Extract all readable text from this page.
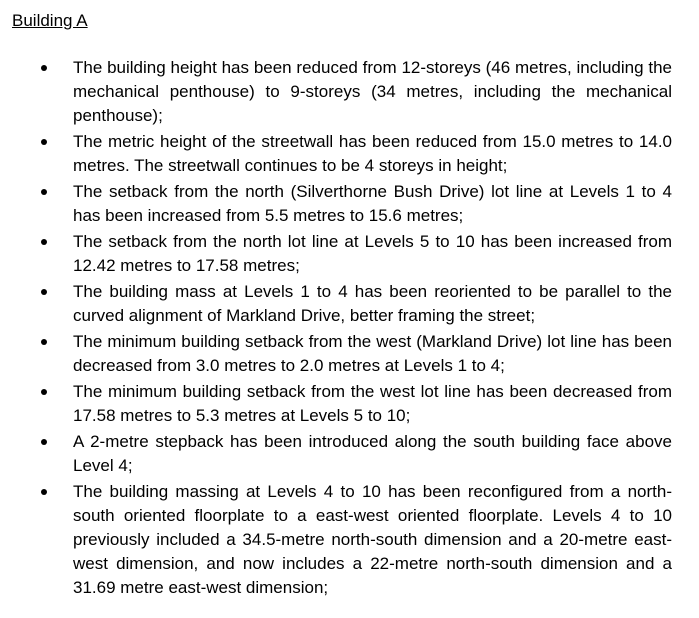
Building A
The building height has been reduced from 12-storeys (46 metres, including the mechanical penthouse) to 9-storeys (34 metres, including the mechanical penthouse);
The metric height of the streetwall has been reduced from 15.0 metres to 14.0 metres. The streetwall continues to be 4 storeys in height;
The setback from the north (Silverthorne Bush Drive) lot line at Levels 1 to 4 has been increased from 5.5 metres to 15.6 metres;
The setback from the north lot line at Levels 5 to 10 has been increased from 12.42 metres to 17.58 metres;
The building mass at Levels 1 to 4 has been reoriented to be parallel to the curved alignment of Markland Drive, better framing the street;
The minimum building setback from the west (Markland Drive) lot line has been decreased from 3.0 metres to 2.0 metres at Levels 1 to 4;
The minimum building setback from the west lot line has been decreased from 17.58 metres to 5.3 metres at Levels 5 to 10;
A 2-metre stepback has been introduced along the south building face above Level 4;
The building massing at Levels 4 to 10 has been reconfigured from a north-south oriented floorplate to a east-west oriented floorplate. Levels 4 to 10 previously included a 34.5-metre north-south dimension and a 20-metre east-west dimension, and now includes a 22-metre north-south dimension and a 31.69 metre east-west dimension;
